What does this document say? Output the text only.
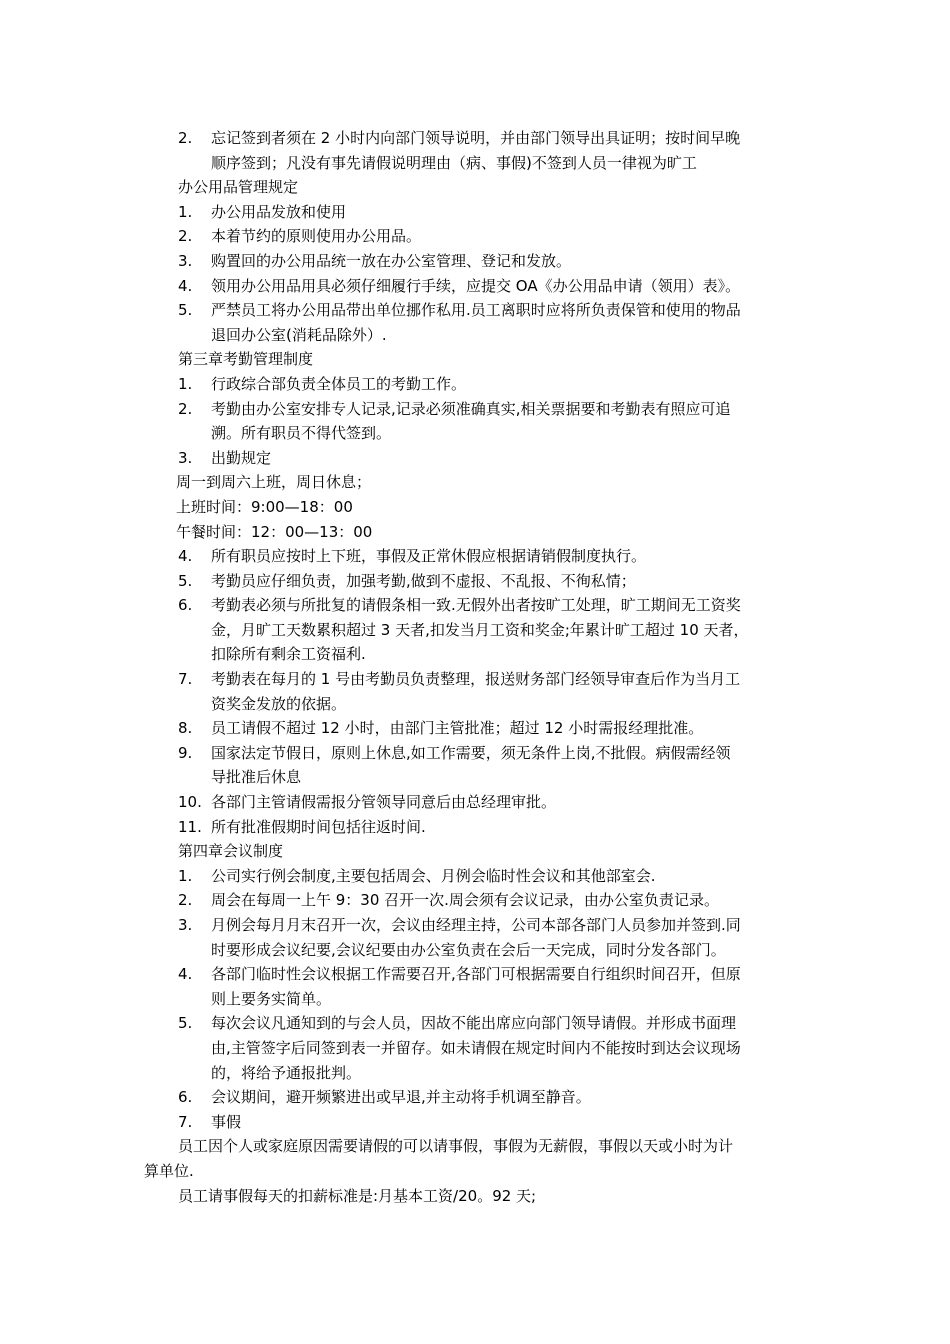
2.	忘记签到者须在 2 小时内向部门领导说明，并由部门领导出具证明；按时间早晚
顺序签到；凡没有事先请假说明理由（病、事假)不签到人员一律视为旷工
办公用品管理规定
1.	办公用品发放和使用
2.	本着节约的原则使用办公用品。
3.	购置回的办公用品统一放在办公室管理、登记和发放。
4.	领用办公用品用具必须仔细履行手续，应提交 OA《办公用品申请（领用）表》。
5.	严禁员工将办公用品带出单位挪作私用.员工离职时应将所负责保管和使用的物品
退回办公室(消耗品除外）.
第三章考勤管理制度
1.	行政综合部负责全体员工的考勤工作。
2.	考勤由办公室安排专人记录,记录必须准确真实,相关票据要和考勤表有照应可追
溯。所有职员不得代签到。
3.	出勤规定
周一到周六上班，周日休息；
上班时间：9:00—18：00
午餐时间：12：00—13：00
4.	所有职员应按时上下班，事假及正常休假应根据请销假制度执行。
5.	考勤员应仔细负责，加强考勤,做到不虚报、不乱报、不徇私情；
6.	考勤表必须与所批复的请假条相一致.无假外出者按旷工处理，旷工期间无工资奖
金，月旷工天数累积超过 3 天者,扣发当月工资和奖金;年累计旷工超过 10 天者，
扣除所有剩余工资福利.
7.	考勤表在每月的 1 号由考勤员负责整理，报送财务部门经领导审查后作为当月工
资奖金发放的依据。
8.	员工请假不超过 12 小时，由部门主管批准；超过 12 小时需报经理批准。
9.	国家法定节假日，原则上休息,如工作需要，须无条件上岗,不批假。病假需经领
导批准后休息
10. 各部门主管请假需报分管领导同意后由总经理审批。
11. 所有批准假期时间包括往返时间.
第四章会议制度
1.	公司实行例会制度,主要包括周会、月例会临时性会议和其他部室会.
2.	周会在每周一上午 9：30 召开一次.周会须有会议记录，由办公室负责记录。
3.	月例会每月月末召开一次，会议由经理主持，公司本部各部门人员参加并签到.同
时要形成会议纪要,会议纪要由办公室负责在会后一天完成，同时分发各部门。
4.	各部门临时性会议根据工作需要召开,各部门可根据需要自行组织时间召开，但原
则上要务实简单。
5.	每次会议凡通知到的与会人员，因故不能出席应向部门领导请假。并形成书面理
由,主管签字后同签到表一并留存。如未请假在规定时间内不能按时到达会议现场
的，将给予通报批判。
6.	会议期间，避开频繁进出或早退,并主动将手机调至静音。
7.	事假
员工因个人或家庭原因需要请假的可以请事假，事假为无薪假，事假以天或小时为计
算单位.
员工请事假每天的扣薪标准是:月基本工资/20。92 天;
